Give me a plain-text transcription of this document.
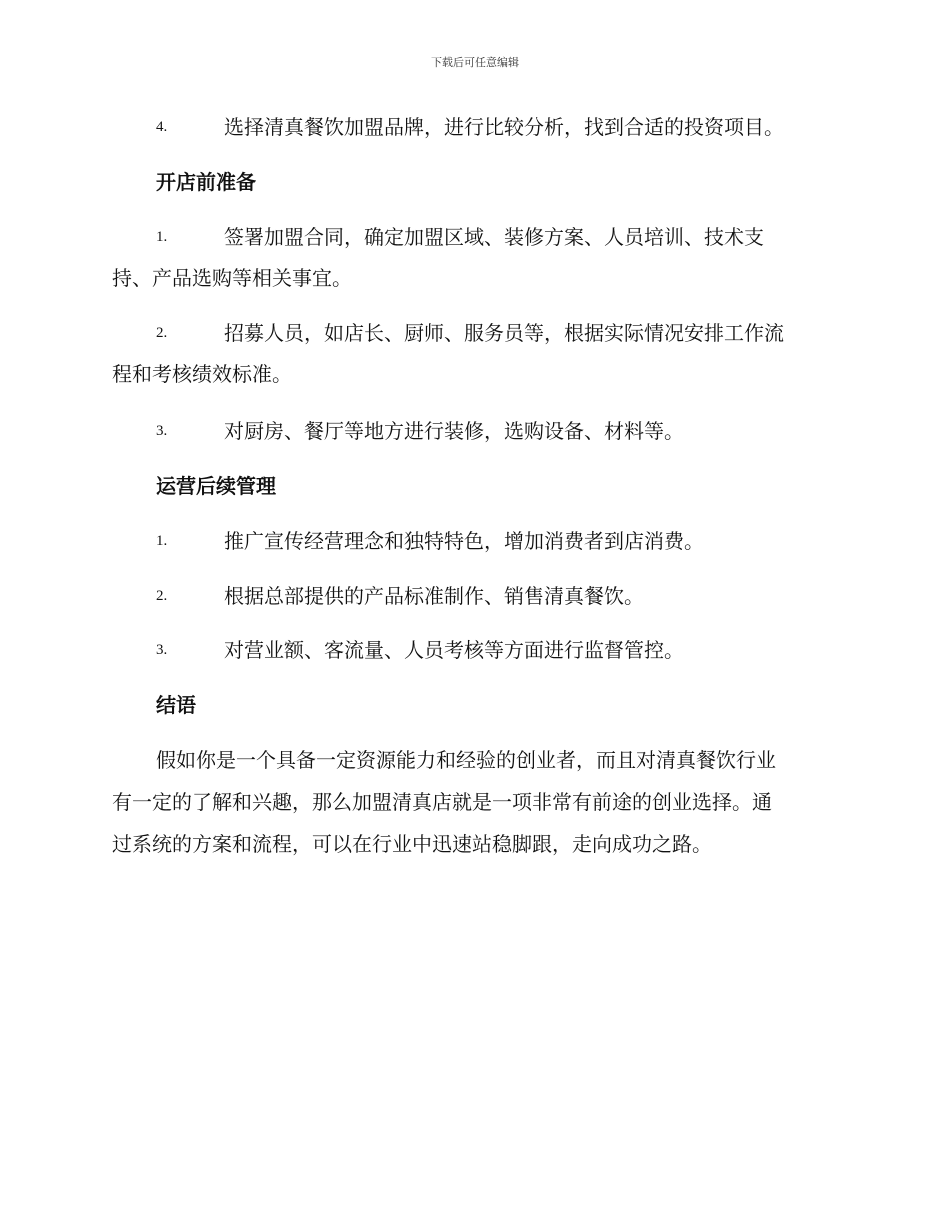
下载后可任意编辑
4.	选择清真餐饮加盟品牌，进行比较分析，找到合适的投资项目。
开店前准备
1.	签署加盟合同，确定加盟区域、装修方案、人员培训、技术支
持、产品选购等相关事宜。
2.	招募人员，如店长、厨师、服务员等，根据实际情况安排工作流
程和考核绩效标准。
3.	对厨房、餐厅等地方进行装修，选购设备、材料等。
运营后续管理
1.	推广宣传经营理念和独特特色，增加消费者到店消费。
2.	根据总部提供的产品标准制作、销售清真餐饮。
3.	对营业额、客流量、人员考核等方面进行监督管控。
结语
假如你是一个具备一定资源能力和经验的创业者，而且对清真餐饮行业
有一定的了解和兴趣，那么加盟清真店就是一项非常有前途的创业选择。通
过系统的方案和流程，可以在行业中迅速站稳脚跟，走向成功之路。
